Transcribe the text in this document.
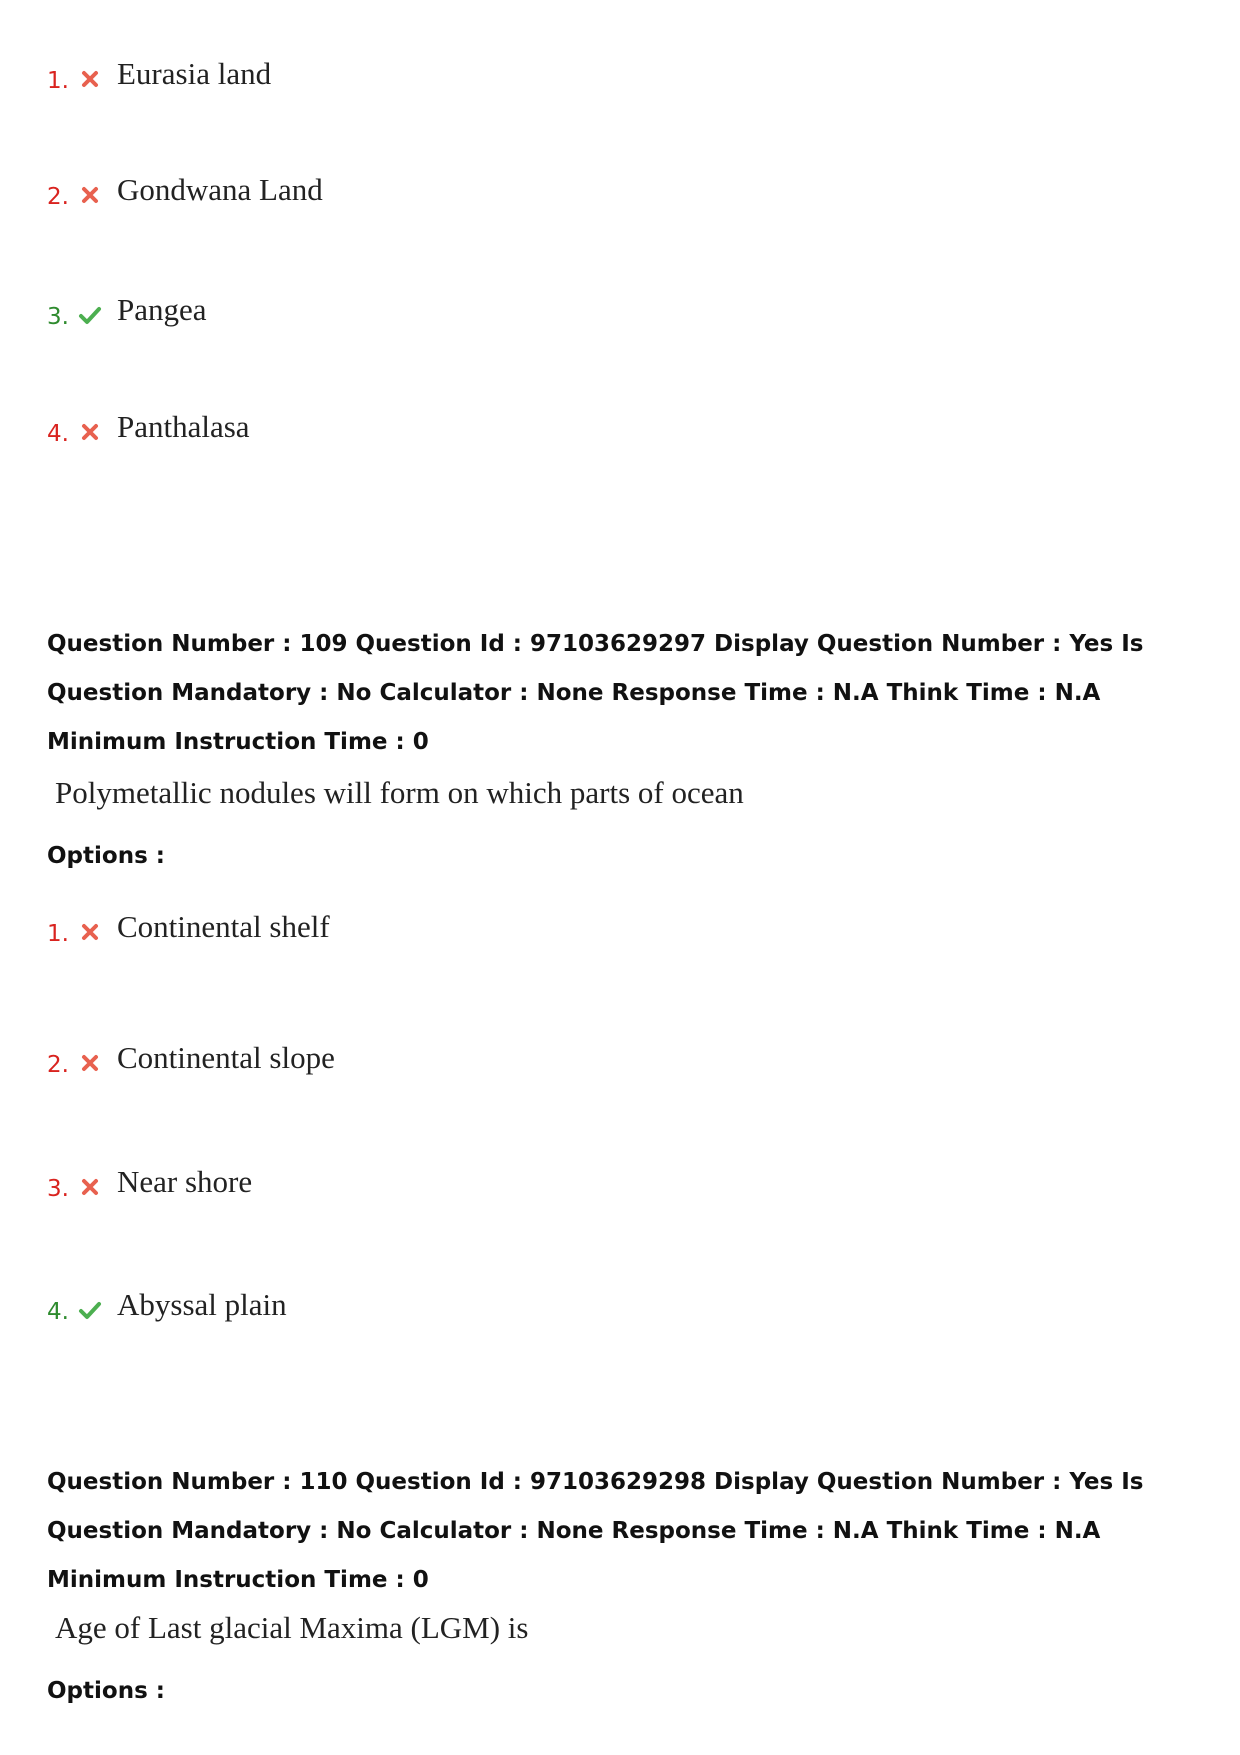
1. Eurasia land
2. Gondwana Land
3. Pangea
4. Panthalasa
Question Number : 109 Question Id : 97103629297 Display Question Number : Yes Is Question Mandatory : No Calculator : None Response Time : N.A Think Time : N.A Minimum Instruction Time : 0
Polymetallic nodules will form on which parts of ocean
Options :
1. Continental shelf
2. Continental slope
3. Near shore
4. Abyssal plain
Question Number : 110 Question Id : 97103629298 Display Question Number : Yes Is Question Mandatory : No Calculator : None Response Time : N.A Think Time : N.A Minimum Instruction Time : 0
Age of Last glacial Maxima (LGM) is
Options :
